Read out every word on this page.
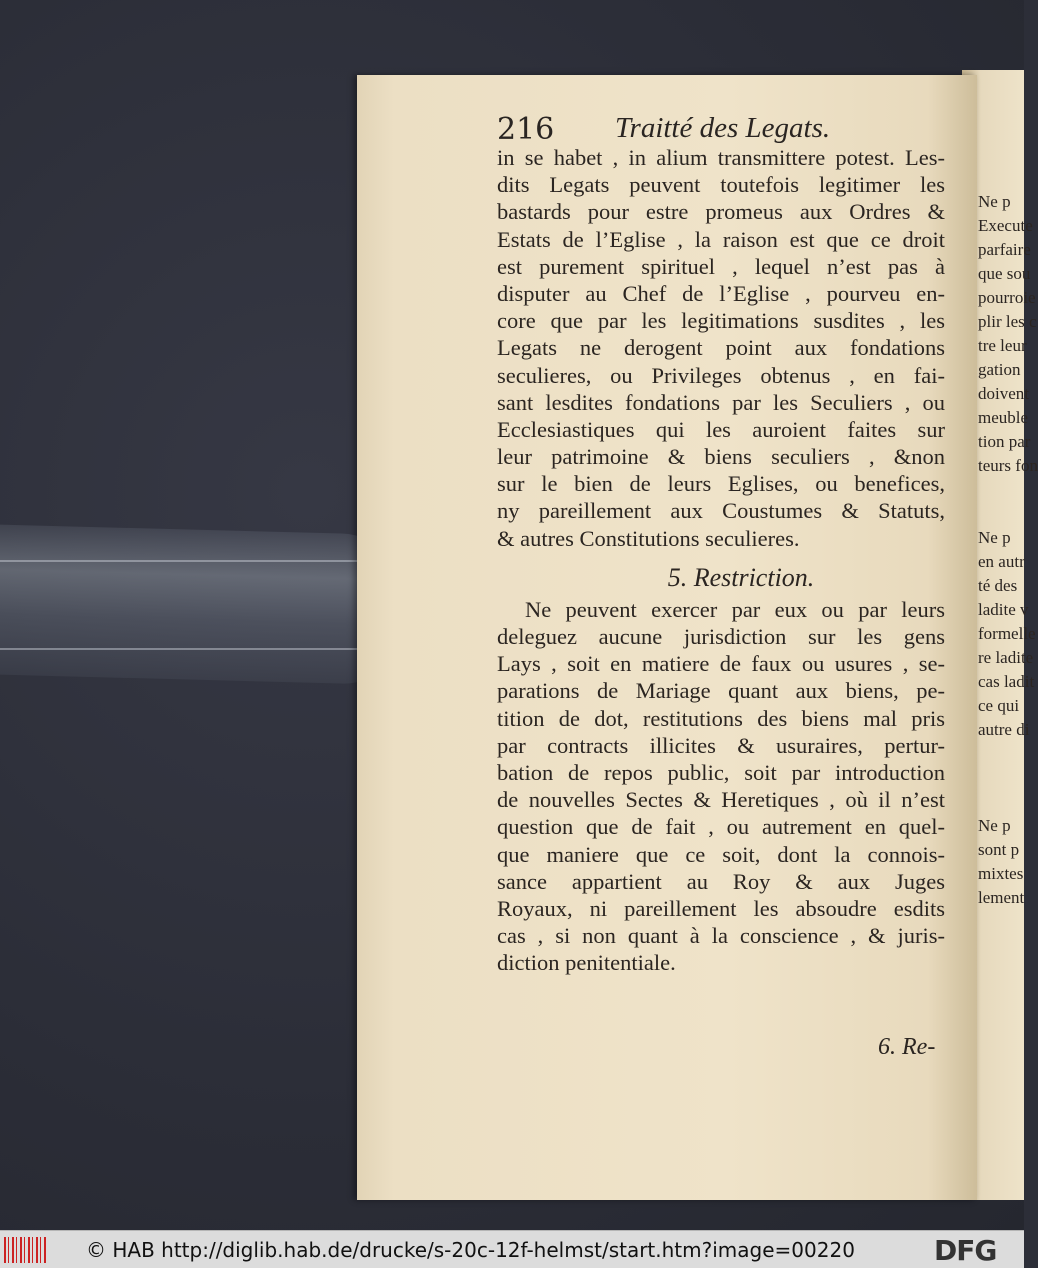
Ne p
Execute
parfaire
que sou
pourroie
plir les c
tre leur
gation
doivent
meuble
tion par
teurs fon
Ne p
en autr
té des
ladite v
formelle
re ladite
cas ladit
ce qui
autre di
Ne p
sont p
mixtes
lement
216 Traitté des Legats.
in se habet , in alium transmittere potest. Les-
dits Legats peuvent toutefois legitimer les
bastards pour estre promeus aux Ordres &
Estats de l’Eglise , la raison est que ce droit
est purement spirituel , lequel n’est pas à
disputer au Chef de l’Eglise , pourveu en-
core que par les legitimations susdites , les
Legats ne derogent point aux fondations
seculieres, ou Privileges obtenus , en fai-
sant lesdites fondations par les Seculiers , ou
Ecclesiastiques qui les auroient faites sur
leur patrimoine & biens seculiers , &non
sur le bien de leurs Eglises, ou benefices,
ny pareillement aux Coustumes & Statuts,
& autres Constitutions seculieres.
5. Restriction.
Ne peuvent exercer par eux ou par leurs
deleguez aucune jurisdiction sur les gens
Lays , soit en matiere de faux ou usures , se-
parations de Mariage quant aux biens, pe-
tition de dot, restitutions des biens mal pris
par contracts illicites & usuraires, pertur-
bation de repos public, soit par introduction
de nouvelles Sectes & Heretiques , où il n’est
question que de fait , ou autrement en quel-
que maniere que ce soit, dont la connois-
sance appartient au Roy & aux Juges
Royaux, ni pareillement les absoudre esdits
cas , si non quant à la conscience , & juris-
diction penitentiale.
6. Re-
© HAB http://diglib.hab.de/drucke/s-20c-12f-helmst/start.htm?image=00220	DFG
